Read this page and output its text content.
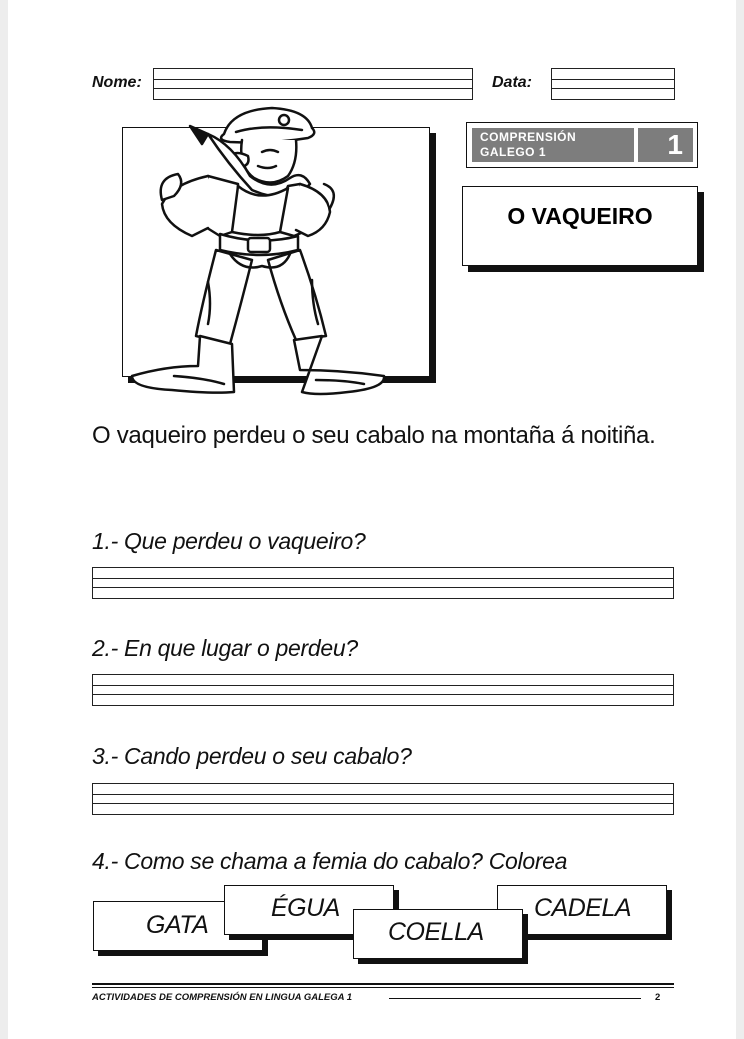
Nome:	Data:
COMPRENSIÓN
GALEGO 1	1
O VAQUEIRO
O vaqueiro perdeu o seu cabalo na montaña á noitiña.
1.- Que perdeu o vaqueiro?
2.- En que lugar o perdeu?
3.- Cando perdeu o seu cabalo?
4.- Como se chama a femia do cabalo? Colorea
GATA
ÉGUA	CADELA
COELLA
ACTIVIDADES DE COMPRENSIÓN EN LINGUA GALEGA 1	2
